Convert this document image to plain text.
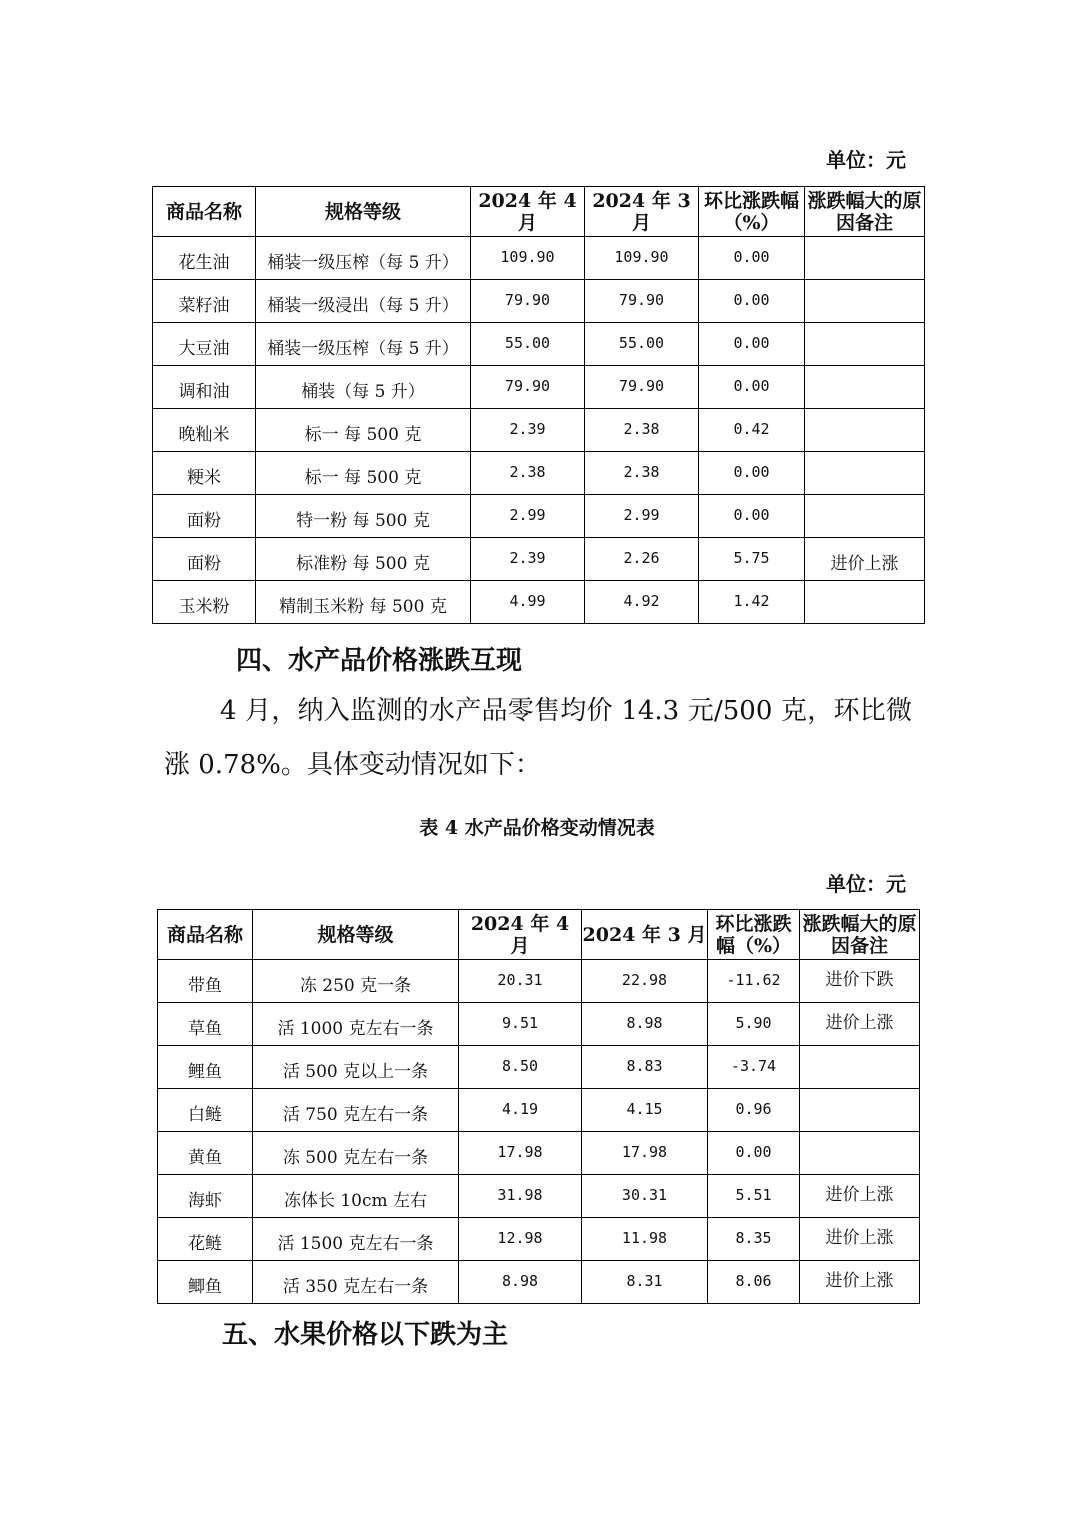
单位：元
商品名称	规格等级	2024 年 4 月	2024 年 3 月	环比涨跌幅（%）	涨跌幅大的原因备注
花生油	桶装一级压榨（每 5 升）	109.90	109.90	0.00	
菜籽油	桶装一级浸出（每 5 升）	79.90	79.90	0.00	
大豆油	桶装一级压榨（每 5 升）	55.00	55.00	0.00	
调和油	桶装（每 5 升）	79.90	79.90	0.00	
晚籼米	标一 每 500 克	2.39	2.38	0.42	
粳米	标一 每 500 克	2.38	2.38	0.00	
面粉	特一粉 每 500 克	2.99	2.99	0.00	
面粉	标准粉 每 500 克	2.39	2.26	5.75	进价上涨
玉米粉	精制玉米粉 每 500 克	4.99	4.92	1.42	
四、水产品价格涨跌互现
4 月，纳入监测的水产品零售均价 14.3 元/500 克，环比微涨 0.78%。具体变动情况如下：
表 4 水产品价格变动情况表
单位：元
商品名称	规格等级	2024 年 4 月	2024 年 3 月	环比涨跌幅（%）	涨跌幅大的原因备注
带鱼	冻 250 克一条	20.31	22.98	-11.62	进价下跌
草鱼	活 1000 克左右一条	9.51	8.98	5.90	进价上涨
鲤鱼	活 500 克以上一条	8.50	8.83	-3.74	
白鲢	活 750 克左右一条	4.19	4.15	0.96	
黄鱼	冻 500 克左右一条	17.98	17.98	0.00	
海虾	冻体长 10cm 左右	31.98	30.31	5.51	进价上涨
花鲢	活 1500 克左右一条	12.98	11.98	8.35	进价上涨
鲫鱼	活 350 克左右一条	8.98	8.31	8.06	进价上涨
五、水果价格以下跌为主
